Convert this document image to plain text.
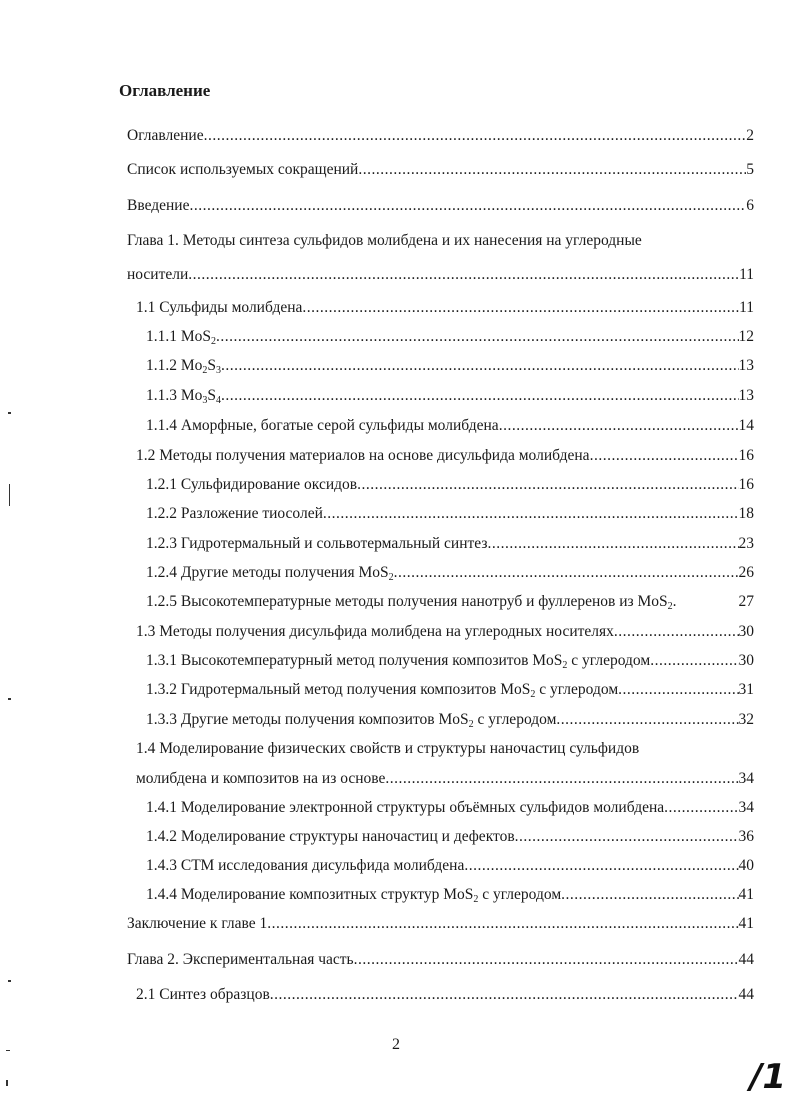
Оглавление
Оглавление .....	2
Список используемых сокращений .....	5
Введение .....	6
Глава 1. Методы синтеза сульфидов молибдена и их нанесения на углеродные
носители .....	11
1.1 Сульфиды молибдена .....	11
1.1.1 MoS$_2$ .....	12
1.1.2 $Mo_2S_3$ .....	13
1.1.3 $Mo_3S_4$ .....	13
1.1.4 Аморфные, богатые серой сульфиды молибдена .....	14
1.2 Методы получения материалов на основе дисульфида молибдена .....	16
1.2.1 Сульфидирование оксидов .....	16
1.2.2 Разложение тиосолей .....	18
1.2.3 Гидротермальный и сольвотермальный синтез .....	23
1.2.4 Другие методы получения MoS$_2$ .....	26
1.2.5 Высокотемпературные методы получения нанотруб и фуллеренов из MoS$_2$.	27
1.3 Методы получения дисульфида молибдена на углеродных носителях .....	30
1.3.1 Высокотемпературный метод получения композитов MoS$_2$ с углеродом .....	30
1.3.2 Гидротермальный метод получения композитов MoS$_2$ с углеродом .....	31
1.3.3 Другие методы получения композитов MoS$_2$ с углеродом .....	32
1.4 Моделирование физических свойств и структуры наночастиц сульфидов
молибдена и композитов на из основе .....	34
1.4.1 Моделирование электронной структуры объёмных сульфидов молибдена .....	34
1.4.2 Моделирование структуры наночастиц и дефектов .....	36
1.4.3 СТМ исследования дисульфида молибдена .....	40
1.4.4 Моделирование композитных структур MoS$_2$ с углеродом .....	41
Заключение к главе 1 .....	41
Глава 2. Экспериментальная часть .....	44
2.1 Синтез образцов .....	44
2
/1
